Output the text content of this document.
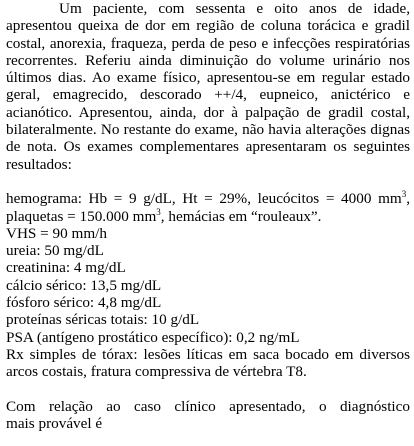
Um paciente, com sessenta e oito anos de idade,
apresentou queixa de dor em região de coluna torácica e gradil
costal, anorexia, fraqueza, perda de peso e infecções respiratórias
recorrentes. Referiu ainda diminuição do volume urinário nos
últimos dias. Ao exame físico, apresentou-se em regular estado
geral, emagrecido, descorado ++/4, eupneico, anictérico e
acianótico. Apresentou, ainda, dor à palpação de gradil costal,
bilateralmente. No restante do exame, não havia alterações dignas
de nota. Os exames complementares apresentaram os seguintes
resultados:
hemograma: Hb = 9 g/dL, Ht = 29%, leucócitos = 4000 $mm^3$,
plaquetas = 150.000 $mm^3$, hemácias em “rouleaux”.
VHS = 90 mm/h
ureia: 50 mg/dL
creatinina: 4 mg/dL
cálcio sérico: 13,5 mg/dL
fósforo sérico: 4,8 mg/dL
proteínas séricas totais: 10 g/dL
PSA (antígeno prostático específico): 0,2 ng/mL
Rx simples de tórax: lesões líticas em saca bocado em diversos
arcos costais, fratura compressiva de vértebra T8.
Com relação ao caso clínico apresentado, o diagnóstico
mais provável é
